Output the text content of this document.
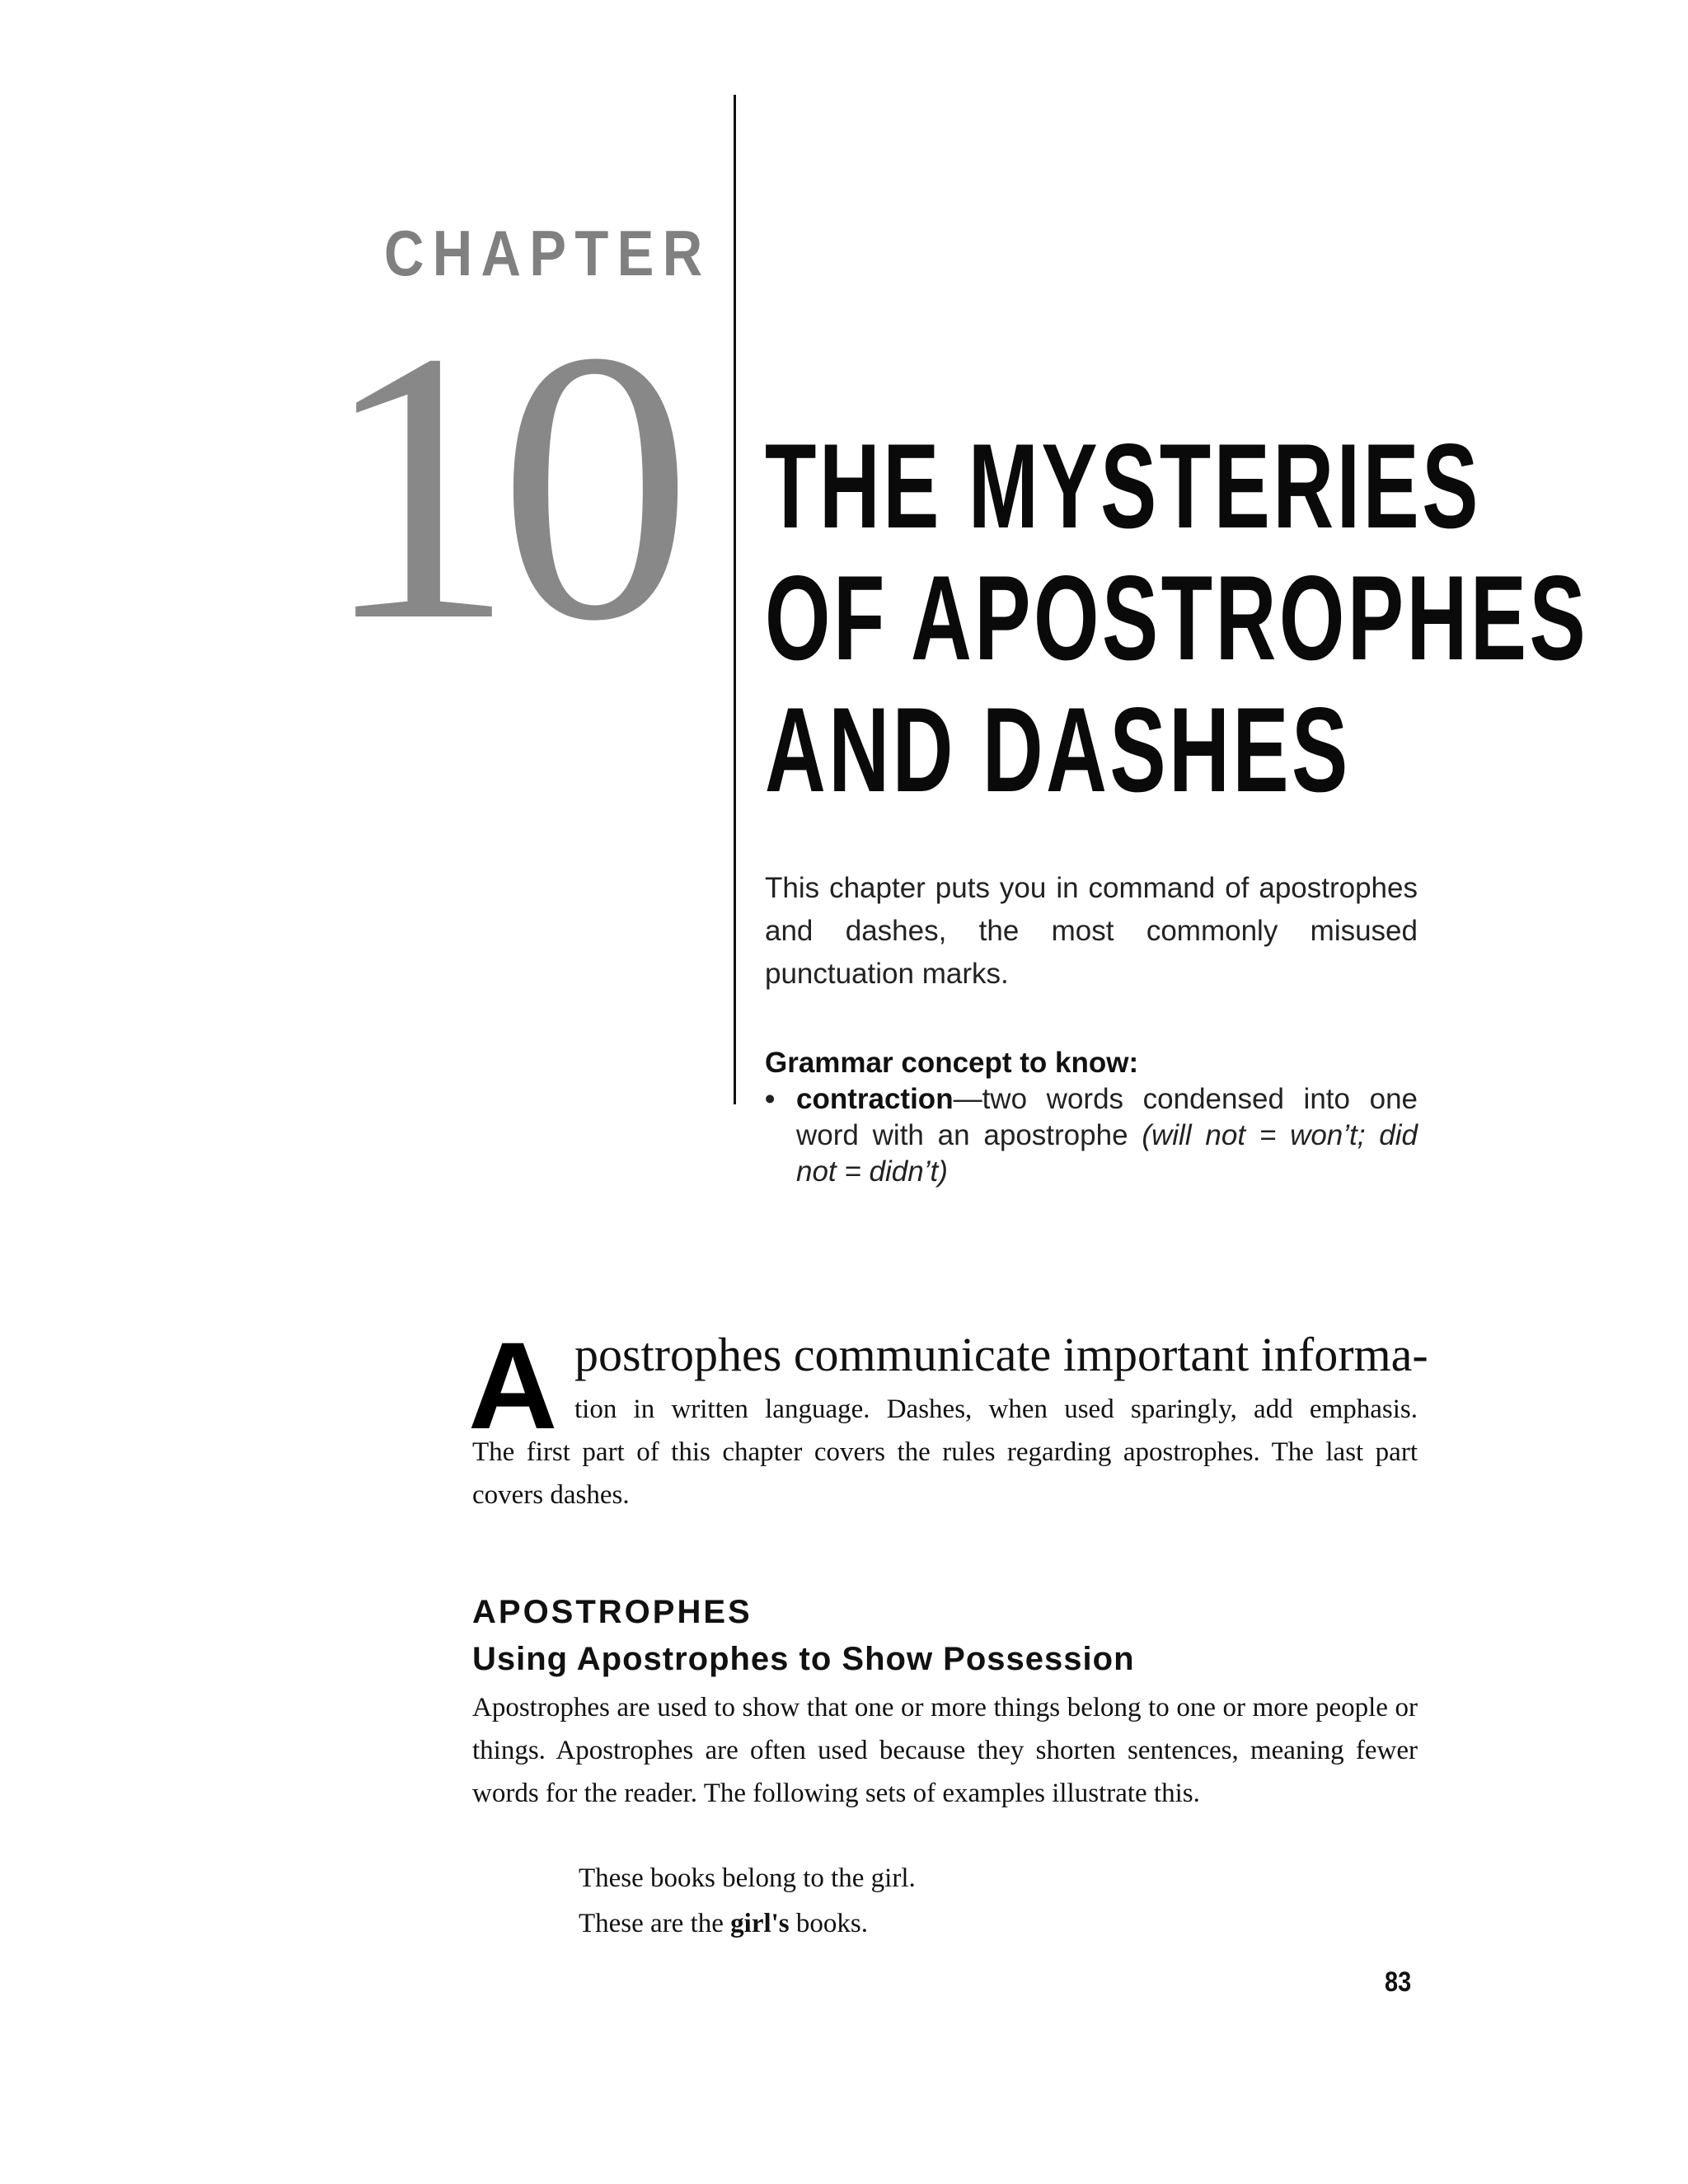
CHAPTER
10 THE MYSTERIES
OF APOSTROPHES
AND DASHES
This chapter puts you in command of apostrophes and dashes, the most commonly misused punctuation marks.
Grammar concept to know:
• contraction—two words condensed into one word with an apostrophe (will not = won’t; did not = didn’t)
A postrophes communicate important informa-
tion in written language. Dashes, when used sparingly, add emphasis.
The first part of this chapter covers the rules regarding apostrophes. The last part covers dashes.
APOSTROPHES
Using Apostrophes to Show Possession
Apostrophes are used to show that one or more things belong to one or more people or things. Apostrophes are often used because they shorten sentences, meaning fewer words for the reader. The following sets of examples illustrate this.
These books belong to the girl.
These are the girl's books.
83
